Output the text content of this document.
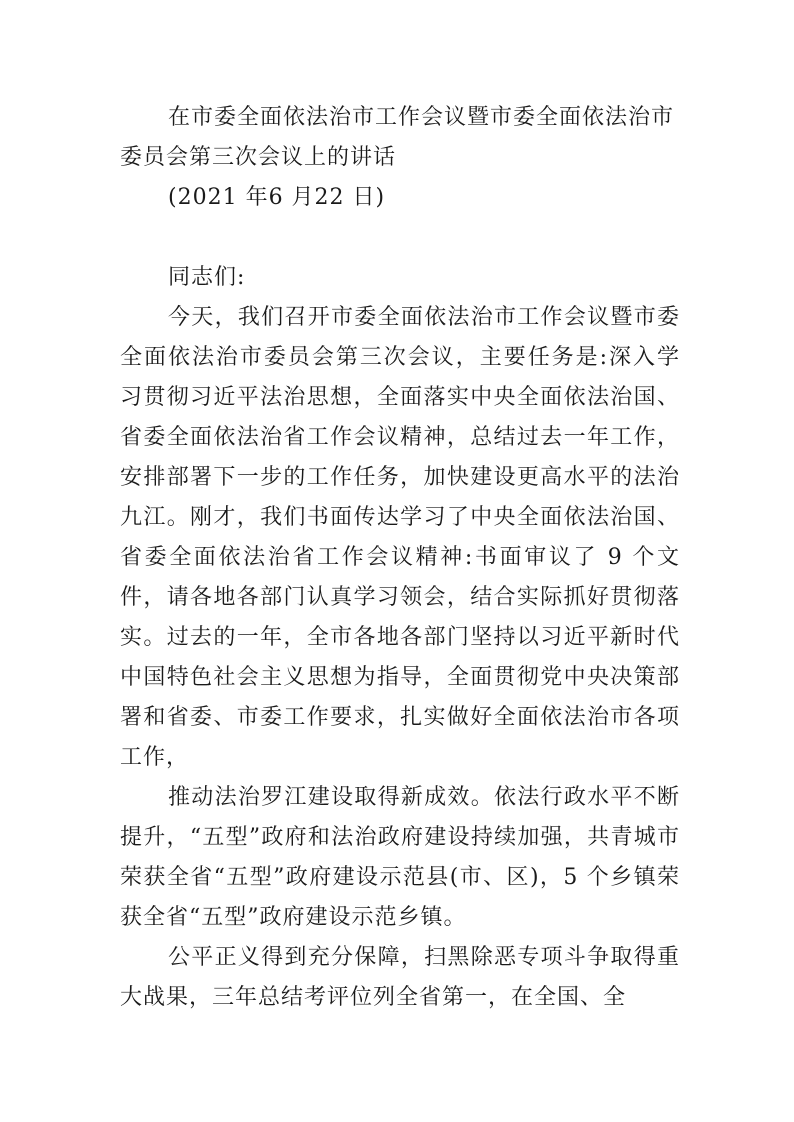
在市委全面依法治市工作会议暨市委全面依法治市委员会第三次会议上的讲话

(2021 年6 月22 日)

同志们:

今天，我们召开市委全面依法治市工作会议暨市委全面依法治市委员会第三次会议，主要任务是:深入学习贯彻习近平法治思想，全面落实中央全面依法治国、省委全面依法治省工作会议精神，总结过去一年工作，安排部署下一步的工作任务，加快建设更高水平的法治九江。刚才，我们书面传达学习了中央全面依法治国、省委全面依法治省工作会议精神:书面审议了 9 个文件，请各地各部门认真学习领会，结合实际抓好贯彻落实。过去的一年，全市各地各部门坚持以习近平新时代中国特色社会主义思想为指导，全面贯彻党中央决策部署和省委、市委工作要求，扎实做好全面依法治市各项工作，

推动法治罗江建设取得新成效。依法行政水平不断提升，“五型”政府和法治政府建设持续加强，共青城市荣获全省“五型”政府建设示范县(市、区)，5 个乡镇荣获全省“五型”政府建设示范乡镇。

公平正义得到充分保障，扫黑除恶专项斗争取得重大战果，三年总结考评位列全省第一，在全国、全
